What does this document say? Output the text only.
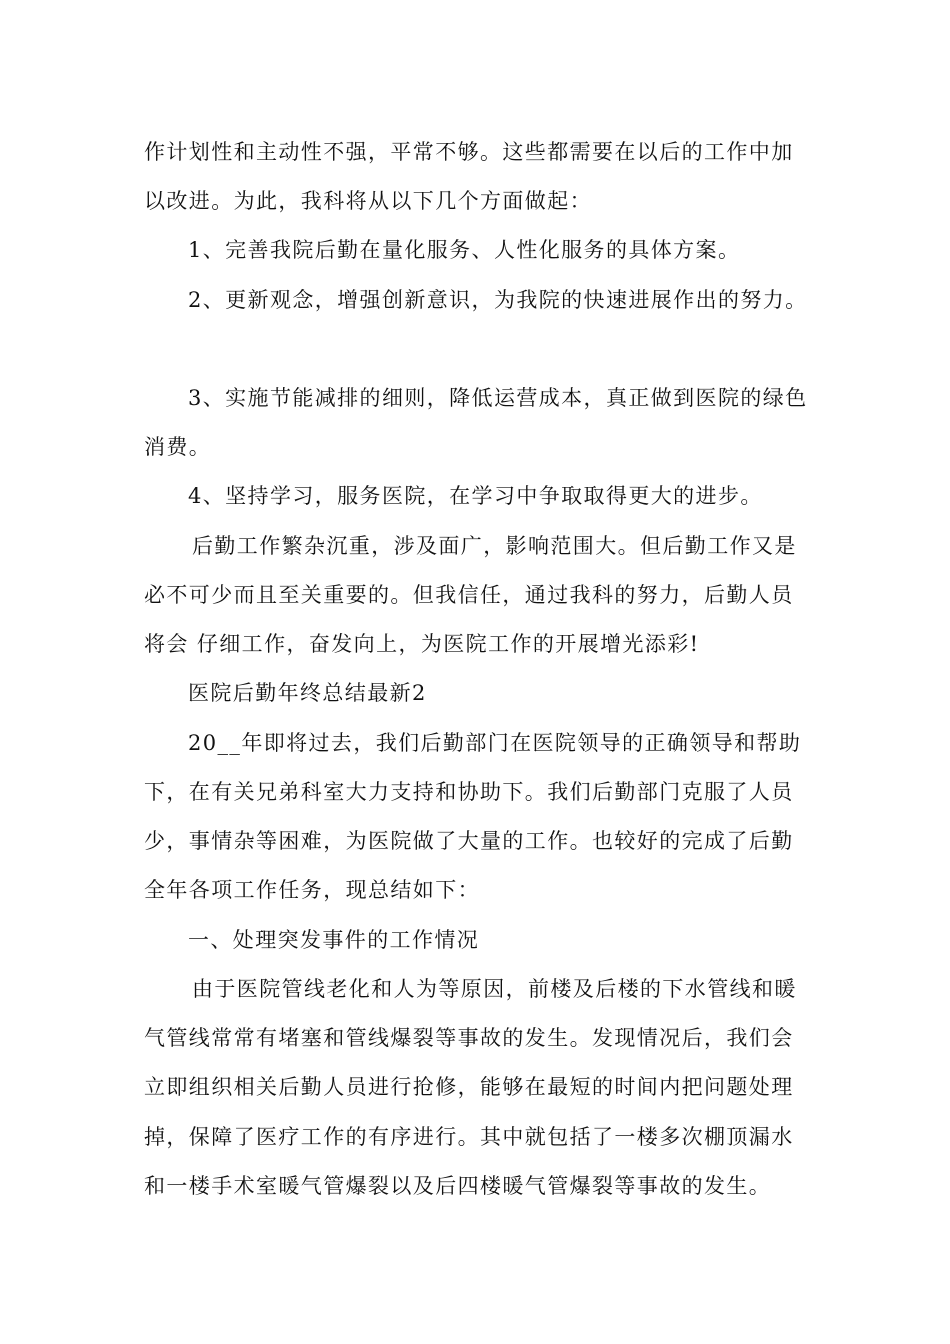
作计划性和主动性不强，平常不够。这些都需要在以后的工作中加

以改进。为此，我科将从以下几个方面做起：

1、完善我院后勤在量化服务、人性化服务的具体方案。

2、更新观念，增强创新意识，为我院的快速进展作出的努力。

3、实施节能减排的细则，降低运营成本，真正做到医院的绿色

消费。

4、坚持学习，服务医院，在学习中争取取得更大的进步。

后勤工作繁杂沉重，涉及面广，影响范围大。但后勤工作又是

必不可少而且至关重要的。但我信任，通过我科的努力，后勤人员

将会 仔细工作，奋发向上，为医院工作的开展增光添彩!

医院后勤年终总结最新2

20__年即将过去，我们后勤部门在医院领导的正确领导和帮助

下，在有关兄弟科室大力支持和协助下。我们后勤部门克服了人员

少，事情杂等困难，为医院做了大量的工作。也较好的完成了后勤

全年各项工作任务，现总结如下：

一、处理突发事件的工作情况

由于医院管线老化和人为等原因，前楼及后楼的下水管线和暖

气管线常常有堵塞和管线爆裂等事故的发生。发现情况后，我们会

立即组织相关后勤人员进行抢修，能够在最短的时间内把问题处理

掉，保障了医疗工作的有序进行。其中就包括了一楼多次棚顶漏水

和一楼手术室暖气管爆裂以及后四楼暖气管爆裂等事故的发生。
